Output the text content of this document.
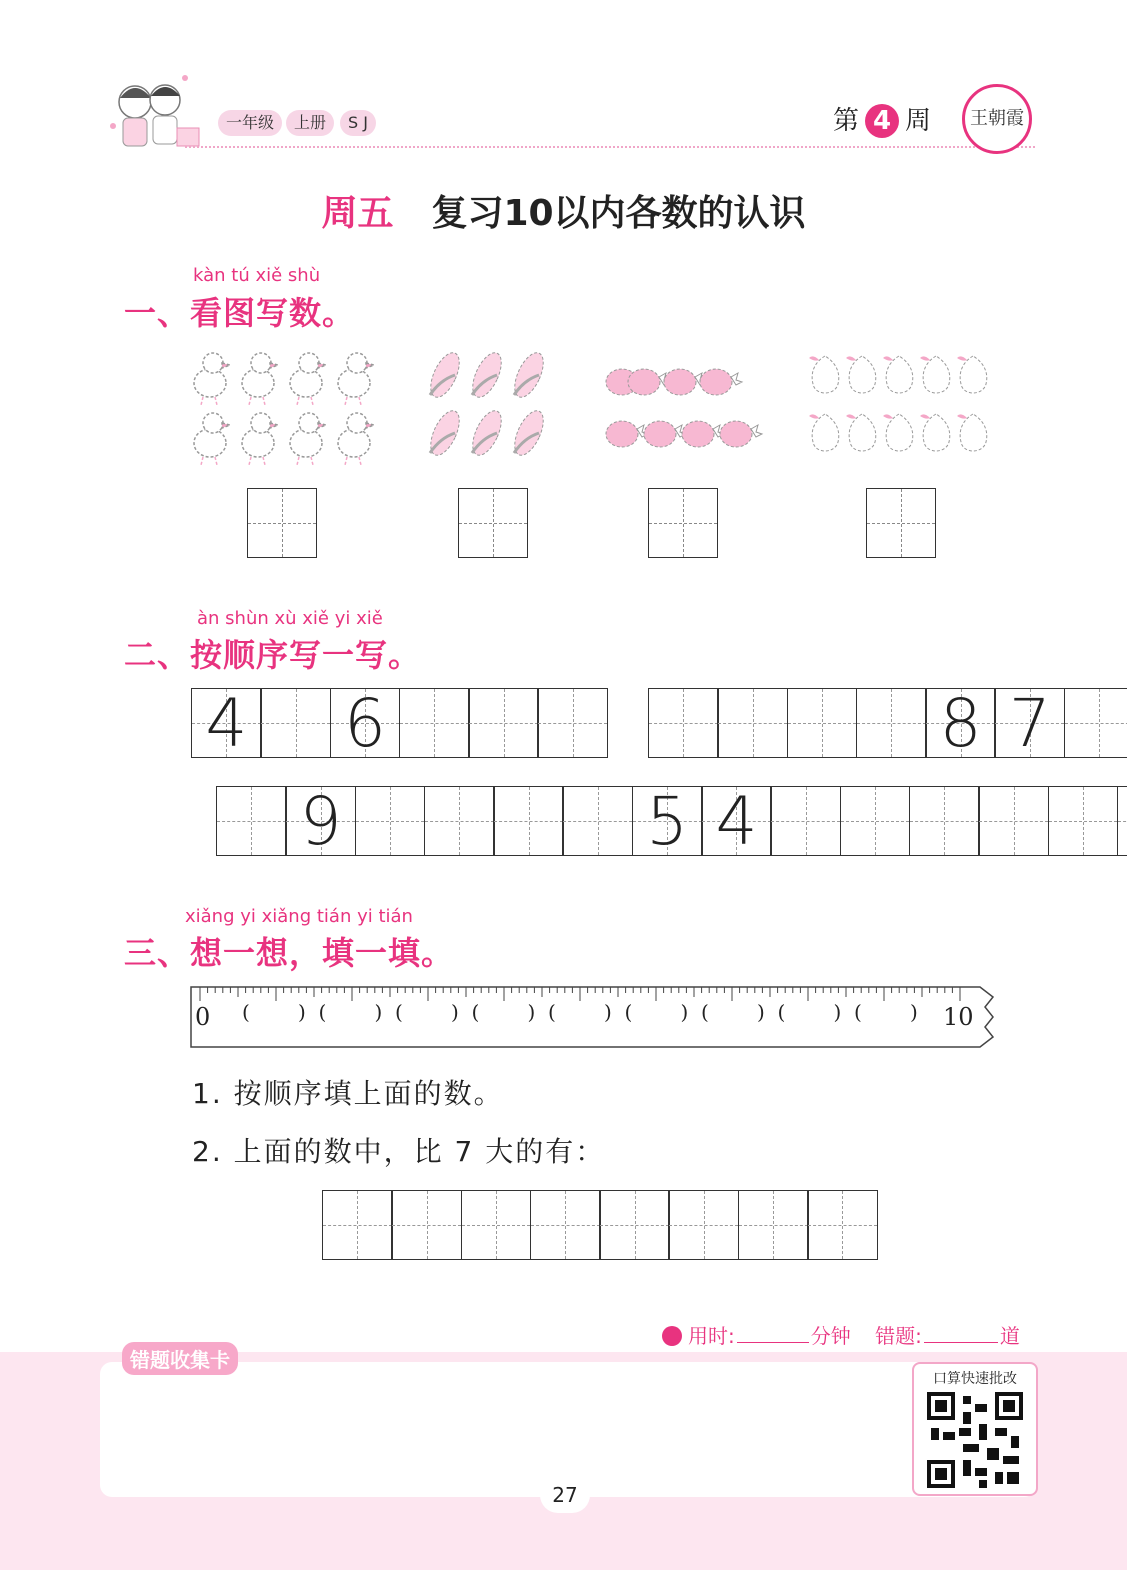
一年级	上册	S J	第 4 周	王朝霞
周五 复习10以内各数的认识
kàn tú xiě shù
一、看图写数。
àn shùn xù xiě yi xiě
二、按顺序写一写。
4 6	8 7
9	5 4
xiǎng yi xiǎng tián yi tián
三、想一想，填一填。
0	10
( ) ( ) ( ) ( ) ( ) ( ) ( ) ( ) ( )
1. 按顺序填上面的数。
2. 上面的数中，比 7 大的有：
用时:	分钟 错题:	道
错题收集卡
口算快速批改
27
